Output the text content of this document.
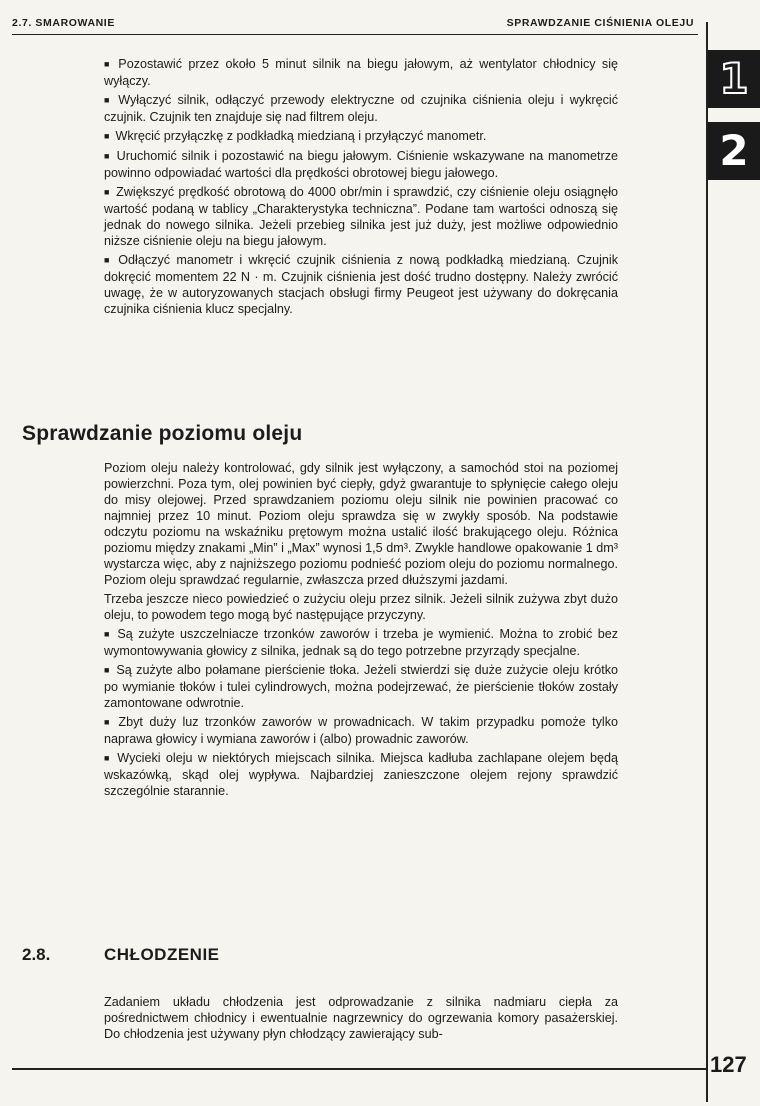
2.7. SMAROWANIE	SPRAWDZANIE CIŚNIENIA OLEJU
1
2

■ Pozostawić przez około 5 minut silnik na biegu jałowym, aż wentylator chłodnicy się wyłączy.

■ Wyłączyć silnik, odłączyć przewody elektryczne od czujnika ciśnienia oleju i wykręcić czujnik. Czujnik ten znajduje się nad filtrem oleju.

■ Wkręcić przyłączkę z podkładką miedzianą i przyłączyć manometr.

■ Uruchomić silnik i pozostawić na biegu jałowym. Ciśnienie wskazywane na manometrze powinno odpowiadać wartości dla prędkości obrotowej biegu jałowego.

■ Zwiększyć prędkość obrotową do 4000 obr/min i sprawdzić, czy ciśnienie oleju osiągnęło wartość podaną w tablicy „Charakterystyka techniczna”. Podane tam wartości odnoszą się jednak do nowego silnika. Jeżeli przebieg silnika jest już duży, jest możliwe odpowiednio niższe ciśnienie oleju na biegu jałowym.

■ Odłączyć manometr i wkręcić czujnik ciśnienia z nową podkładką miedzianą. Czujnik dokręcić momentem 22 N · m. Czujnik ciśnienia jest dość trudno dostępny. Należy zwrócić uwagę, że w autoryzowanych stacjach obsługi firmy Peugeot jest używany do dokręcania czujnika ciśnienia klucz specjalny.

Sprawdzanie poziomu oleju

Poziom oleju należy kontrolować, gdy silnik jest wyłączony, a samochód stoi na poziomej powierzchni. Poza tym, olej powinien być ciepły, gdyż gwarantuje to spłynięcie całego oleju do misy olejowej. Przed sprawdzaniem poziomu oleju silnik nie powinien pracować co najmniej przez 10 minut. Poziom oleju sprawdza się w zwykły sposób. Na podstawie odczytu poziomu na wskaźniku prętowym można ustalić ilość brakującego oleju. Różnica poziomu między znakami „Min” i „Max” wynosi 1,5 dm³. Zwykle handlowe opakowanie 1 dm³ wystarcza więc, aby z najniższego poziomu podnieść poziom oleju do poziomu normalnego. Poziom oleju sprawdzać regularnie, zwłaszcza przed dłuższymi jazdami.

Trzeba jeszcze nieco powiedzieć o zużyciu oleju przez silnik. Jeżeli silnik zużywa zbyt dużo oleju, to powodem tego mogą być następujące przyczyny.

■ Są zużyte uszczelniacze trzonków zaworów i trzeba je wymienić. Można to zrobić bez wymontowywania głowicy z silnika, jednak są do tego potrzebne przyrządy specjalne.

■ Są zużyte albo połamane pierścienie tłoka. Jeżeli stwierdzi się duże zużycie oleju krótko po wymianie tłoków i tulei cylindrowych, można podejrzewać, że pierścienie tłoków zostały zamontowane odwrotnie.

■ Zbyt duży luz trzonków zaworów w prowadnicach. W takim przypadku pomoże tylko naprawa głowicy i wymiana zaworów i (albo) prowadnic zaworów.

■ Wycieki oleju w niektórych miejscach silnika. Miejsca kadłuba zachlapane olejem będą wskazówką, skąd olej wypływa. Najbardziej zanieszczone olejem rejony sprawdzić szczególnie starannie.

2.8.	CHŁODZENIE

Zadaniem układu chłodzenia jest odprowadzanie z silnika nadmiaru ciepła za pośrednictwem chłodnicy i ewentualnie nagrzewnicy do ogrzewania komory pasażerskiej. Do chłodzenia jest używany płyn chłodzący zawierający sub-

127
